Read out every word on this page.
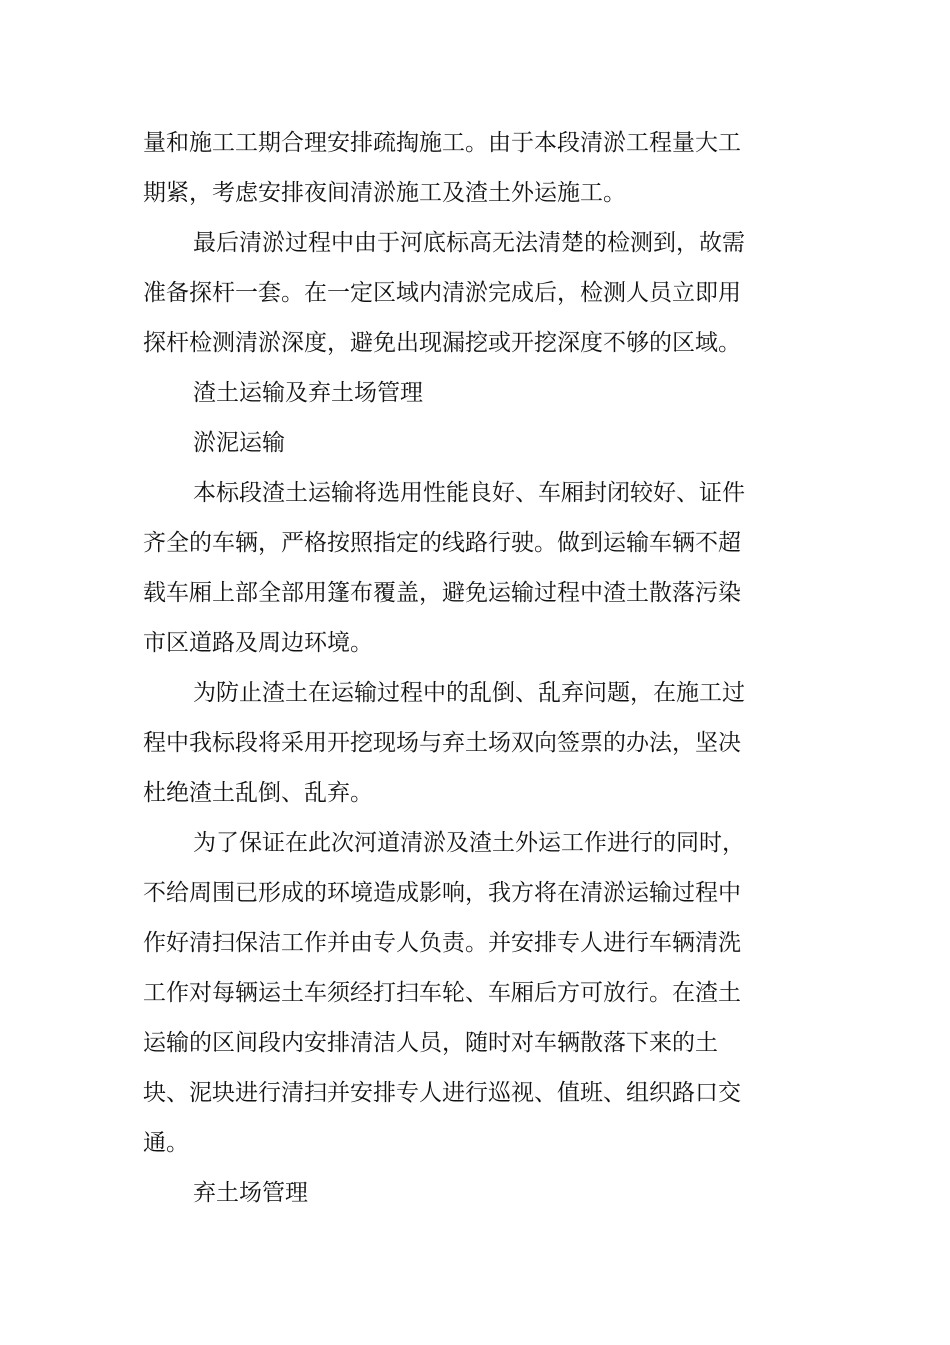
量和施工工期合理安排疏掏施工。由于本段清淤工程量大工
期紧，考虑安排夜间清淤施工及渣土外运施工。
最后清淤过程中由于河底标高无法清楚的检测到，故需
准备探杆一套。在一定区域内清淤完成后，检测人员立即用
探杆检测清淤深度，避免出现漏挖或开挖深度不够的区域。
渣土运输及弃土场管理
淤泥运输
本标段渣土运输将选用性能良好、车厢封闭较好、证件
齐全的车辆，严格按照指定的线路行驶。做到运输车辆不超
载车厢上部全部用篷布覆盖，避免运输过程中渣土散落污染
市区道路及周边环境。
为防止渣土在运输过程中的乱倒、乱弃问题，在施工过
程中我标段将采用开挖现场与弃土场双向签票的办法，坚决
杜绝渣土乱倒、乱弃。
为了保证在此次河道清淤及渣土外运工作进行的同时，
不给周围已形成的环境造成影响，我方将在清淤运输过程中
作好清扫保洁工作并由专人负责。并安排专人进行车辆清洗
工作对每辆运土车须经打扫车轮、车厢后方可放行。在渣土
运输的区间段内安排清洁人员，随时对车辆散落下来的土
块、泥块进行清扫并安排专人进行巡视、值班、组织路口交
通。
弃土场管理
